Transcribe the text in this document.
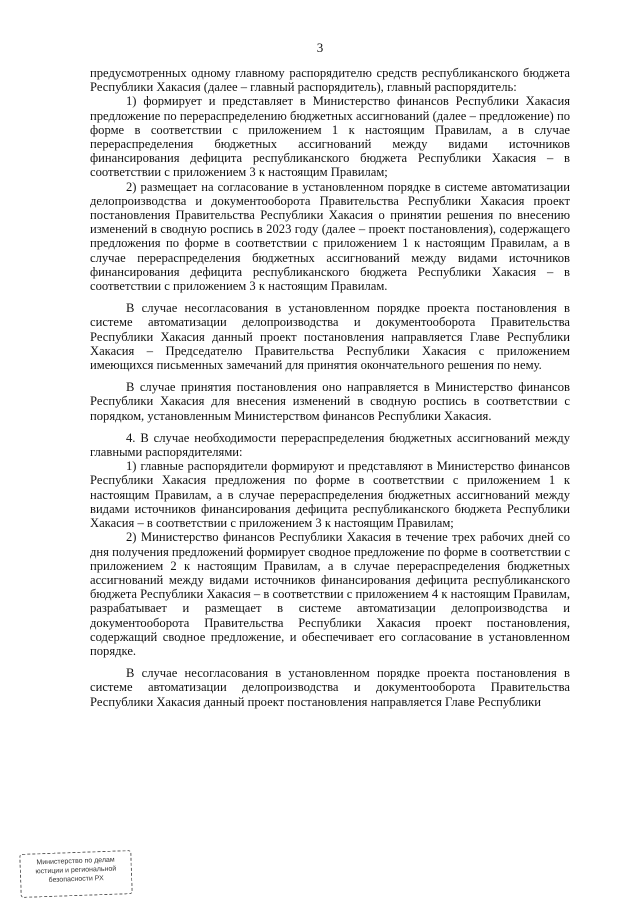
3

предусмотренных одному главному распорядителю средств республиканского бюджета Республики Хакасия (далее – главный распорядитель), главный распорядитель:

1) формирует и представляет в Министерство финансов Республики Хакасия предложение по перераспределению бюджетных ассигнований (далее – предложение) по форме в соответствии с приложением 1 к настоящим Правилам, а в случае перераспределения бюджетных ассигнований между видами источников финансирования дефицита республиканского бюджета Республики Хакасия – в соответствии с приложением 3 к настоящим Правилам;

2) размещает на согласование в установленном порядке в системе автоматизации делопроизводства и документооборота Правительства Республики Хакасия проект постановления Правительства Республики Хакасия о принятии решения по внесению изменений в сводную роспись в 2023 году (далее – проект постановления), содержащего предложения по форме в соответствии с приложением 1 к настоящим Правилам, а в случае перераспределения бюджетных ассигнований между видами источников финансирования дефицита республиканского бюджета Республики Хакасия – в соответствии с приложением 3 к настоящим Правилам.

В случае несогласования в установленном порядке проекта постановления в системе автоматизации делопроизводства и документооборота Правительства Республики Хакасия данный проект постановления направляется Главе Республики Хакасия – Председателю Правительства Республики Хакасия с приложением имеющихся письменных замечаний для принятия окончательного решения по нему.

В случае принятия постановления оно направляется в Министерство финансов Республики Хакасия для внесения изменений в сводную роспись в соответствии с порядком, установленным Министерством финансов Республики Хакасия.

4. В случае необходимости перераспределения бюджетных ассигнований между главными распорядителями:

1) главные распорядители формируют и представляют в Министерство финансов Республики Хакасия предложения по форме в соответствии с приложением 1 к настоящим Правилам, а в случае перераспределения бюджетных ассигнований между видами источников финансирования дефицита республиканского бюджета Республики Хакасия – в соответствии с приложением 3 к настоящим Правилам;

2) Министерство финансов Республики Хакасия в течение трех рабочих дней со дня получения предложений формирует сводное предложение по форме в соответствии с приложением 2 к настоящим Правилам, а в случае перераспределения бюджетных ассигнований между видами источников финансирования дефицита республиканского бюджета Республики Хакасия – в соответствии с приложением 4 к настоящим Правилам, разрабатывает и размещает в системе автоматизации делопроизводства и документооборота Правительства Республики Хакасия проект постановления, содержащий сводное предложение, и обеспечивает его согласование в установленном порядке.

В случае несогласования в установленном порядке проекта постановления в системе автоматизации делопроизводства и документооборота Правительства Республики Хакасия данный проект постановления направляется Главе Республики

Министерство по делам
юстиции и региональной
безопасности РХ
